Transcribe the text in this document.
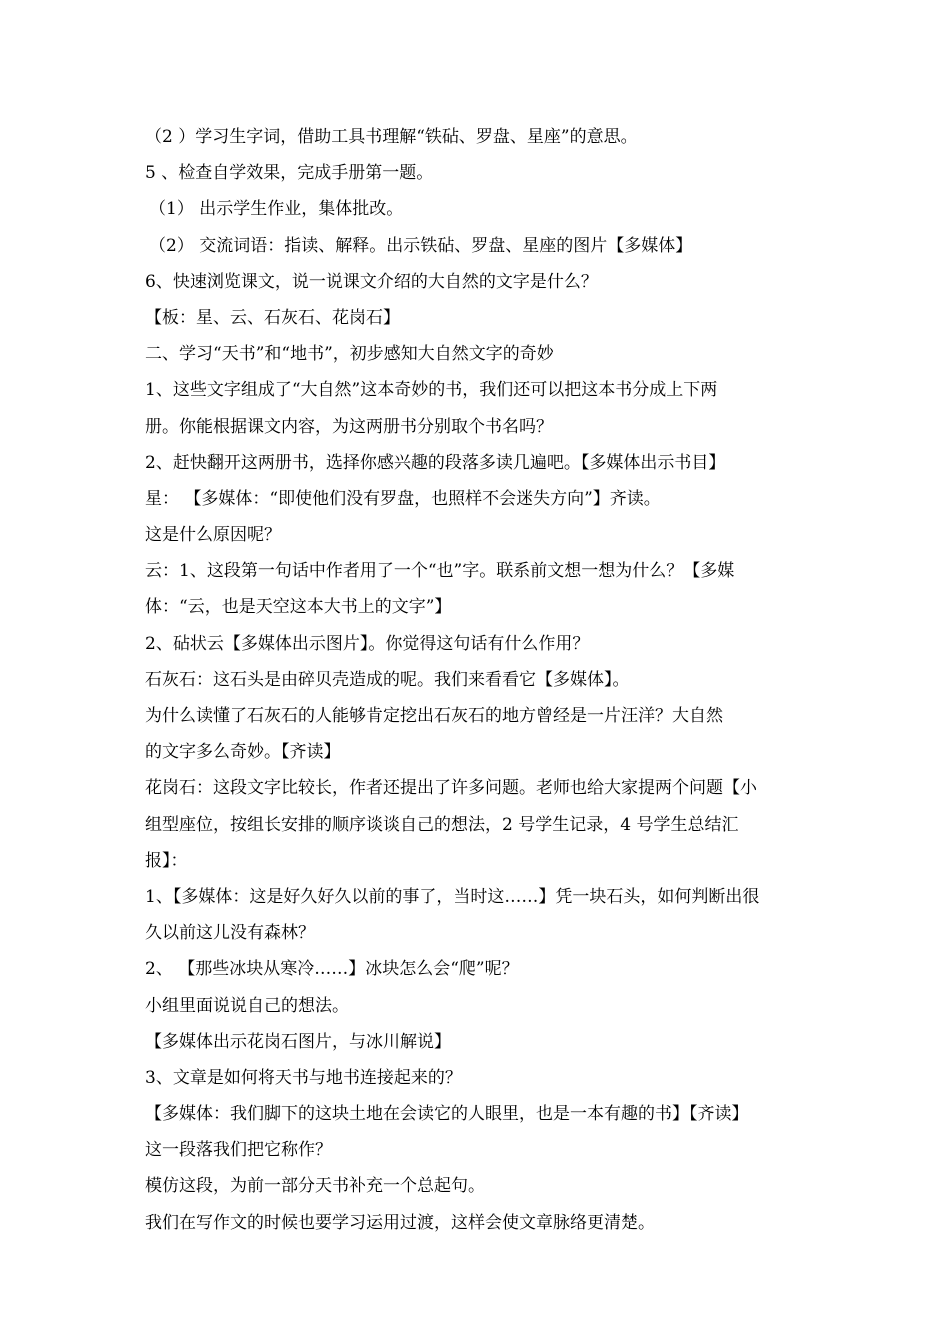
（2 ）学习生字词，借助工具书理解“铁砧、罗盘、星座”的意思。
5 、检查自学效果，完成手册第一题。
（1） 出示学生作业，集体批改。
（2） 交流词语：指读、解释。出示铁砧、罗盘、星座的图片【多媒体】
6、快速浏览课文，说一说课文介绍的大自然的文字是什么？
【板：星、云、石灰石、花岗石】
二、学习“天书”和“地书”，初步感知大自然文字的奇妙
1、这些文字组成了“大自然”这本奇妙的书，我们还可以把这本书分成上下两
册。你能根据课文内容，为这两册书分别取个书名吗？
2、赶快翻开这两册书，选择你感兴趣的段落多读几遍吧。【多媒体出示书目】
星： 【多媒体：“即使他们没有罗盘，也照样不会迷失方向”】齐读。
这是什么原因呢？
云：1、这段第一句话中作者用了一个“也”字。联系前文想一想为什么？【多媒
体：“云，也是天空这本大书上的文字”】
2、砧状云【多媒体出示图片】。你觉得这句话有什么作用？
石灰石：这石头是由碎贝壳造成的呢。我们来看看它【多媒体】。
为什么读懂了石灰石的人能够肯定挖出石灰石的地方曾经是一片汪洋？大自然
的文字多么奇妙。【齐读】
花岗石：这段文字比较长，作者还提出了许多问题。老师也给大家提两个问题【小
组型座位，按组长安排的顺序谈谈自己的想法，2 号学生记录，4 号学生总结汇
报】：
1、【多媒体：这是好久好久以前的事了，当时这……】凭一块石头，如何判断出很
久以前这儿没有森林？
2、 【那些冰块从寒冷……】冰块怎么会“爬”呢？
小组里面说说自己的想法。
【多媒体出示花岗石图片，与冰川解说】
3、文章是如何将天书与地书连接起来的？
【多媒体：我们脚下的这块土地在会读它的人眼里，也是一本有趣的书】【齐读】
这一段落我们把它称作？
模仿这段，为前一部分天书补充一个总起句。
我们在写作文的时候也要学习运用过渡，这样会使文章脉络更清楚。
